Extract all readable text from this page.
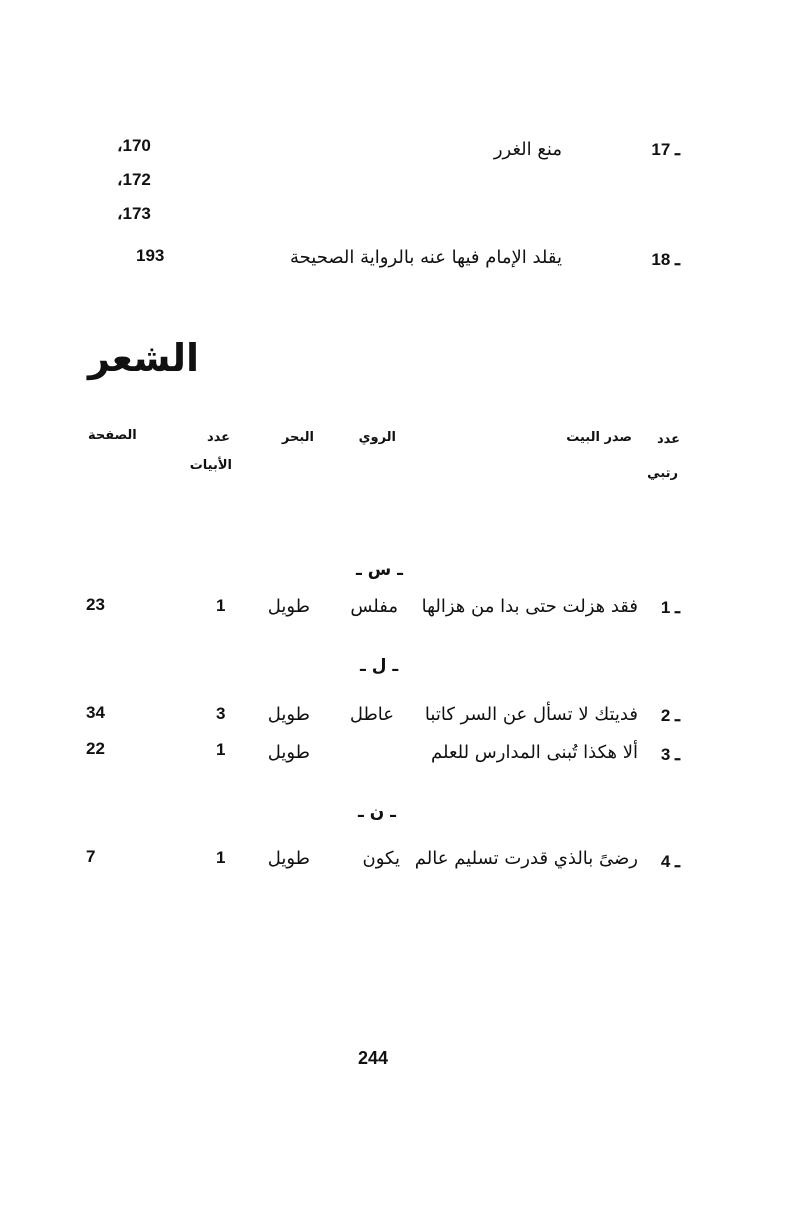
17 ـ
منع الغرر
،170
،172
،173
18 ـ
يقلد الإمام فيها عنه بالرواية الصحيحة
193
الشعر
عدد
رتبي
صدر البيت
الروي
البحر
عدد
الأبيات
الصفحة
ـ س ـ
1 ـ
فقد هزلت حتى بدا من هزالها
مفلس
طويل
1
23
ـ ل ـ
2 ـ
فديتك لا تسأل عن السر كاتبا
عاطل
طويل
3
34
3 ـ
ألا هكذا تُبنى المدارس للعلم
طويل
1
22
ـ ن ـ
4 ـ
رضىً بالذي قدرت تسليم عالم
يكون
طويل
1
7
244
